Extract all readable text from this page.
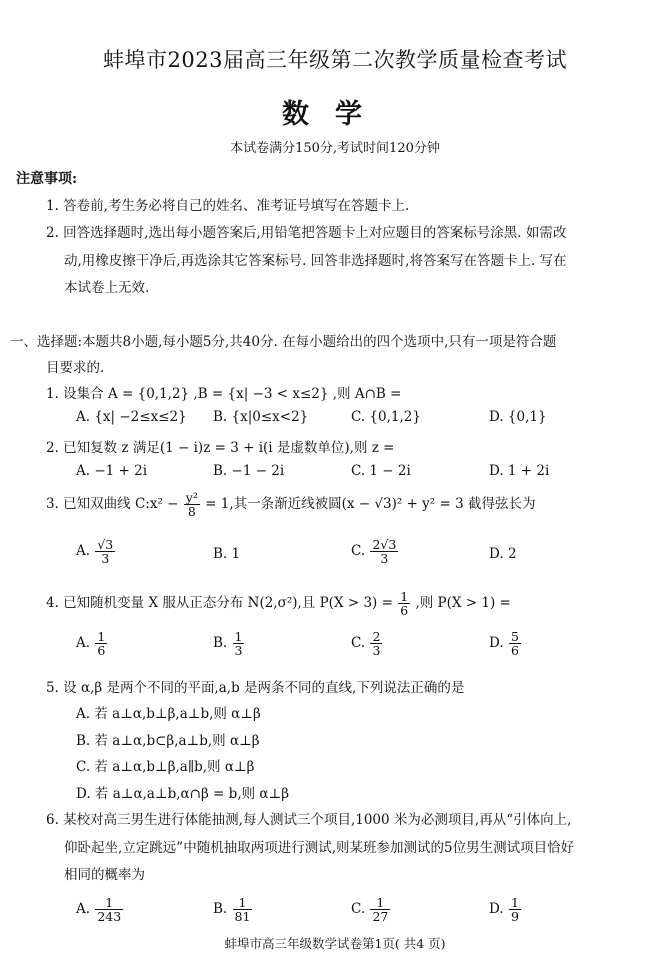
蚌埠市2023届高三年级第二次教学质量检查考试
数学
本试卷满分150分,考试时间120分钟
注意事项:
1. 答卷前,考生务必将自己的姓名、准考证号填写在答题卡上.
2. 回答选择题时,选出每小题答案后,用铅笔把答题卡上对应题目的答案标号涂黑. 如需改
动,用橡皮擦干净后,再选涂其它答案标号. 回答非选择题时,将答案写在答题卡上. 写在
本试卷上无效.
一、选择题:本题共8小题,每小题5分,共40分. 在每小题给出的四个选项中,只有一项是符合题
目要求的.
1. 设集合 A = {0,1,2} ,B = {x| −3 < x≤2} ,则 A∩B =
A. {x| −2≤x≤2} B. {x|0≤x<2}	C. {0,1,2}	D. {0,1}
2. 已知复数 z 满足(1 − i)z = 3 + i(i 是虚数单位),则 z =
A. −1 + 2i	B. −1 − 2i	C. 1 − 2i	D. 1 + 2i
3. 已知双曲线 C:x² − $\frac{\text{y²}}{8} = 1$,其一条渐近线被圆(x − √3)² + y² = 3 截得弦长为
A. $\frac{√3}{3}$	B. 1	C. $\frac{2√3}{3}$	D. 2
4. 已知随机变量 X 服从正态分布 N(2,σ²),且 $P(X > 3) = \frac{1}{6}$ ,则 P(X > 1) =
A. $\frac{1}{6}$	B. $\frac{1}{3}$	C. $\frac{2}{3}$	D. $\frac{5}{6}$
5. 设 α,β 是两个不同的平面,a,b 是两条不同的直线,下列说法正确的是
A. 若 a⊥α,b⊥β,a⊥b,则 α⊥β
B. 若 a⊥α,b⊂β,a⊥b,则 α⊥β
C. 若 a⊥α,b⊥β,a∥b,则 α⊥β
D. 若 a⊥α,a⊥b,α∩β = b,则 α⊥β
6. 某校对高三男生进行体能抽测,每人测试三个项目,1000 米为必测项目,再从“引体向上,
仰卧起坐,立定跳远”中随机抽取两项进行测试,则某班参加测试的5位男生测试项目恰好
相同的概率为
A. $\frac{1}{243}$	B. $\frac{1}{81}$	C. $\frac{1}{27}$	D. $\frac{1}{9}$
蚌埠市高三年级数学试卷第1页( 共4 页)
